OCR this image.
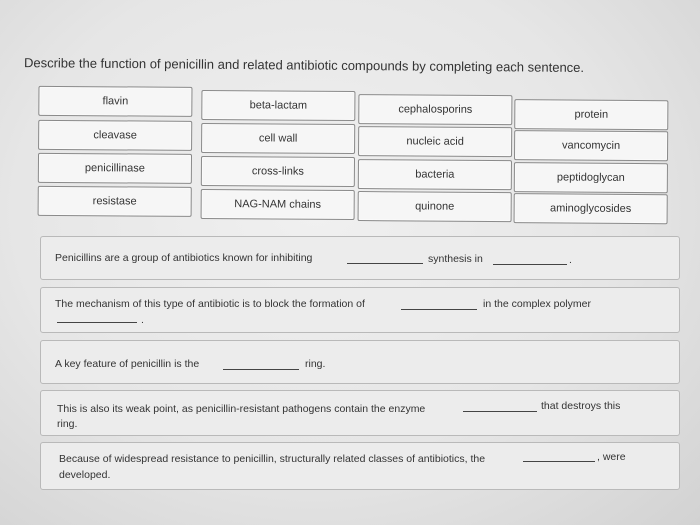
Describe the function of penicillin and related antibiotic compounds by completing each sentence.
flavin	beta-lactam	cephalosporins	protein
cleavase	cell wall	nucleic acid	vancomycin
penicillinase	cross-links	bacteria	peptidoglycan
resistase	NAG-NAM chains	quinone	aminoglycosides
Penicillins are a group of antibiotics known for inhibiting	synthesis in	.
The mechanism of this type of antibiotic is to block the formation of	in the complex polymer
.
A key feature of penicillin is the	ring.
This is also its weak point, as penicillin-resistant pathogens contain the enzyme	that destroys this
ring.
Because of widespread resistance to penicillin, structurally related classes of antibiotics, the	, were
developed.
